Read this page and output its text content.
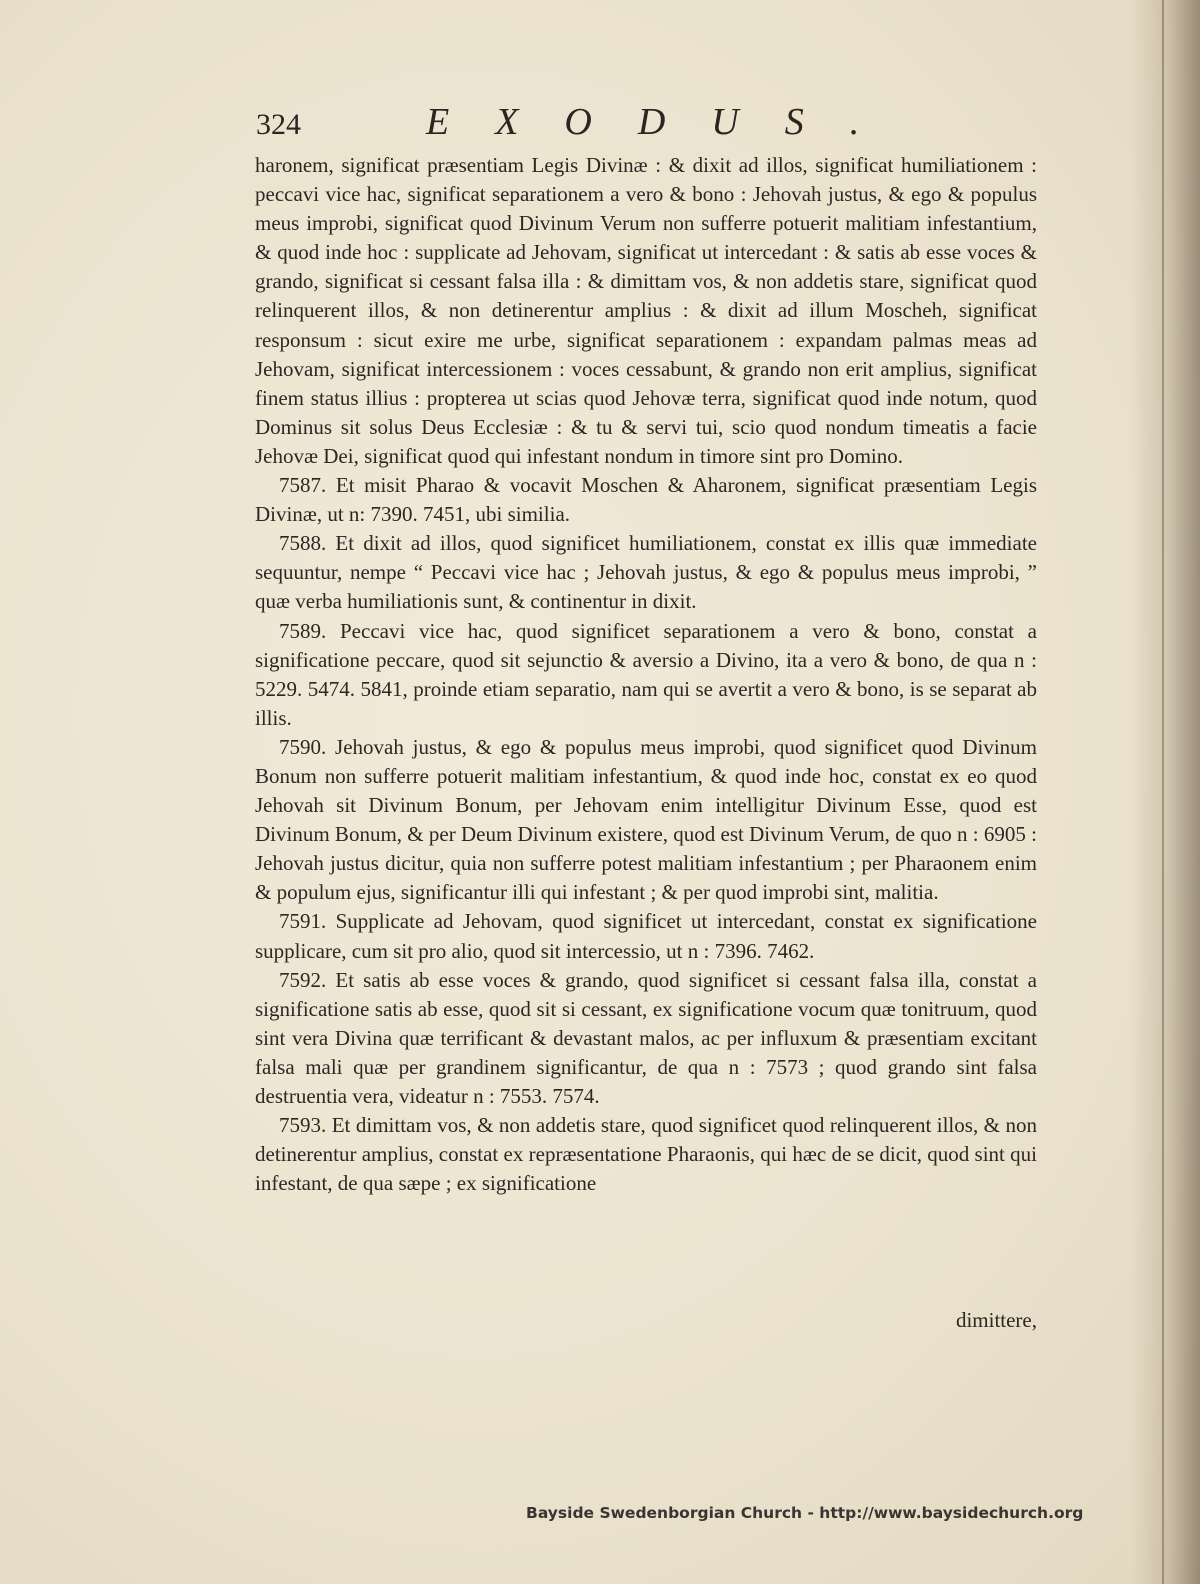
324	EXODUS.

haronem, significat præsentiam Legis Divinæ : & dixit ad illos, significat humiliationem : peccavi vice hac, significat separationem a vero & bono : Jehovah justus, & ego & populus meus improbi, significat quod Divinum Verum non sufferre potuerit malitiam infestantium, & quod inde hoc : supplicate ad Jehovam, significat ut intercedant : & satis ab esse voces & grando, significat si cessant falsa illa : & dimittam vos, & non addetis stare, significat quod relinquerent illos, & non detinerentur amplius : & dixit ad illum Moscheh, significat responsum : sicut exire me urbe, significat separationem : expandam palmas meas ad Jehovam, significat intercessionem : voces cessabunt, & grando non erit amplius, significat finem status illius : propterea ut scias quod Jehovæ terra, significat quod inde notum, quod Dominus sit solus Deus Ecclesiæ : & tu & servi tui, scio quod nondum timeatis a facie Jehovæ Dei, significat quod qui infestant nondum in timore sint pro Domino.

7587. Et misit Pharao & vocavit Moschen & Aharonem, significat præsentiam Legis Divinæ, ut n: 7390. 7451, ubi similia.

7588. Et dixit ad illos, quod significet humiliationem, constat ex illis quæ immediate sequuntur, nempe “ Peccavi vice hac ; Jehovah justus, & ego & populus meus improbi, ” quæ verba humiliationis sunt, & continentur in dixit.

7589. Peccavi vice hac, quod significet separationem a vero & bono, constat a significatione peccare, quod sit sejunctio & aversio a Divino, ita a vero & bono, de qua n : 5229. 5474. 5841, proinde etiam separatio, nam qui se avertit a vero & bono, is se separat ab illis.

7590. Jehovah justus, & ego & populus meus improbi, quod significet quod Divinum Bonum non sufferre potuerit malitiam infestantium, & quod inde hoc, constat ex eo quod Jehovah sit Divinum Bonum, per Jehovam enim intelligitur Divinum Esse, quod est Divinum Bonum, & per Deum Divinum existere, quod est Divinum Verum, de quo n : 6905 : Jehovah justus dicitur, quia non sufferre potest malitiam infestantium ; per Pharaonem enim & populum ejus, significantur illi qui infestant ; & per quod improbi sint, malitia.

7591. Supplicate ad Jehovam, quod significet ut intercedant, constat ex significatione supplicare, cum sit pro alio, quod sit intercessio, ut n : 7396. 7462.

7592. Et satis ab esse voces & grando, quod significet si cessant falsa illa, constat a significatione satis ab esse, quod sit si cessant, ex significatione vocum quæ tonitruum, quod sint vera Divina quæ terrificant & devastant malos, ac per influxum & præsentiam excitant falsa mali quæ per grandinem significantur, de qua n : 7573 ; quod grando sint falsa destruentia vera, videatur n : 7553. 7574.

7593. Et dimittam vos, & non addetis stare, quod significet quod relinquerent illos, & non detinerentur amplius, constat ex repræsentatione Pharaonis, qui hæc de se dicit, quod sint qui infestant, de qua sæpe ; ex significatione

dimittere,
Bayside Swedenborgian Church - http://www.baysidechurch.org
